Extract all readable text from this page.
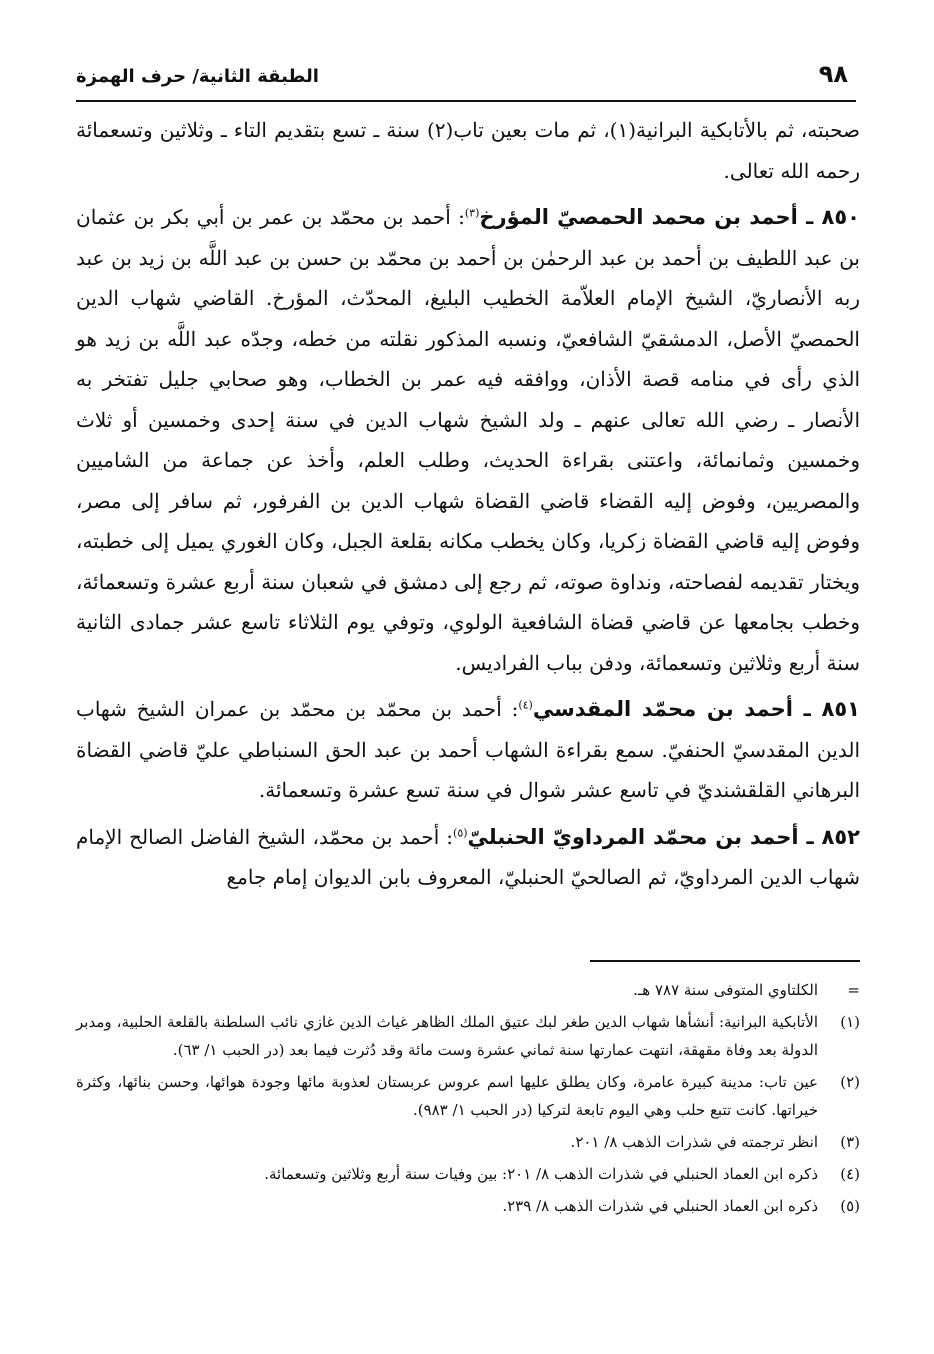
٩٨
الطبقة الثانية/ حرف الهمزة

صحبته، ثم بالأتابكية البرانية(١)، ثم مات بعين تاب(٢) سنة ـ تسع بتقديم التاء ـ وثلاثين وتسعمائة رحمه الله تعالى.

٨٥٠ ـ أحمد بن محمد الحمصيّ المؤرخ$^{(٣)}$: أحمد بن محمّد بن عمر بن أبي بكر بن عثمان بن عبد اللطيف بن أحمد بن عبد الرحمٰن بن أحمد بن محمّد بن حسن بن عبد اللَّه بن زيد بن عبد ربه الأنصاريّ، الشيخ الإمام العلاّمة الخطيب البليغ، المحدّث، المؤرخ. القاضي شهاب الدين الحمصيّ الأصل، الدمشقيّ الشافعيّ، ونسبه المذكور نقلته من خطه، وجدّه عبد اللَّه بن زيد هو الذي رأى في منامه قصة الأذان، ووافقه فيه عمر بن الخطاب، وهو صحابي جليل تفتخر به الأنصار ـ رضي الله تعالى عنهم ـ ولد الشيخ شهاب الدين في سنة إحدى وخمسين أو ثلاث وخمسين وثمانمائة، واعتنى بقراءة الحديث، وطلب العلم، وأخذ عن جماعة من الشاميين والمصريين، وفوض إليه القضاء قاضي القضاة شهاب الدين بن الفرفور، ثم سافر إلى مصر، وفوض إليه قاضي القضاة زكريا، وكان يخطب مكانه بقلعة الجبل، وكان الغوري يميل إلى خطبته، ويختار تقديمه لفصاحته، ونداوة صوته، ثم رجع إلى دمشق في شعبان سنة أربع عشرة وتسعمائة، وخطب بجامعها عن قاضي قضاة الشافعية الولوي، وتوفي يوم الثلاثاء تاسع عشر جمادى الثانية سنة أربع وثلاثين وتسعمائة، ودفن بباب الفراديس.

٨٥١ ـ أحمد بن محمّد المقدسي$^{(٤)}$: أحمد بن محمّد بن محمّد بن عمران الشيخ شهاب الدين المقدسيّ الحنفيّ. سمع بقراءة الشهاب أحمد بن عبد الحق السنباطي عليّ قاضي القضاة البرهاني القلقشنديّ في تاسع عشر شوال في سنة تسع عشرة وتسعمائة.

٨٥٢ ـ أحمد بن محمّد المرداويّ الحنبليّ$^{(٥)}$: أحمد بن محمّد، الشيخ الفاضل الصالح الإمام شهاب الدين المرداويّ، ثم الصالحيّ الحنبليّ، المعروف بابن الديوان إمام جامع

=
الكلتاوي المتوفى سنة ٧٨٧ هـ.
(١)
الأتابكية البرانية: أنشأها شهاب الدين طغر لبك عتيق الملك الظاهر غياث الدين غازي نائب السلطنة بالقلعة الحلبية، ومدبر الدولة بعد وفاة مقهقة، انتهت عمارتها سنة ثماني عشرة وست مائة وقد دُثرت فيما بعد (در الحبب ١/ ٦٣).
(٢)
عين تاب: مدينة كبيرة عامرة، وكان يطلق عليها اسم عروس عربستان لعذوبة مائها وجودة هوائها، وحسن بنائها، وكثرة خيراتها. كانت تتبع حلب وهي اليوم تابعة لتركيا (در الحبب ١/ ٩٨٣).
(٣)
انظر ترجمته في شذرات الذهب ٨/ ٢٠١.
(٤)
ذكره ابن العماد الحنبلي في شذرات الذهب ٨/ ٢٠١: بين وفيات سنة أربع وثلاثين وتسعمائة.
(٥)
ذكره ابن العماد الحنبلي في شذرات الذهب ٨/ ٢٣٩.
